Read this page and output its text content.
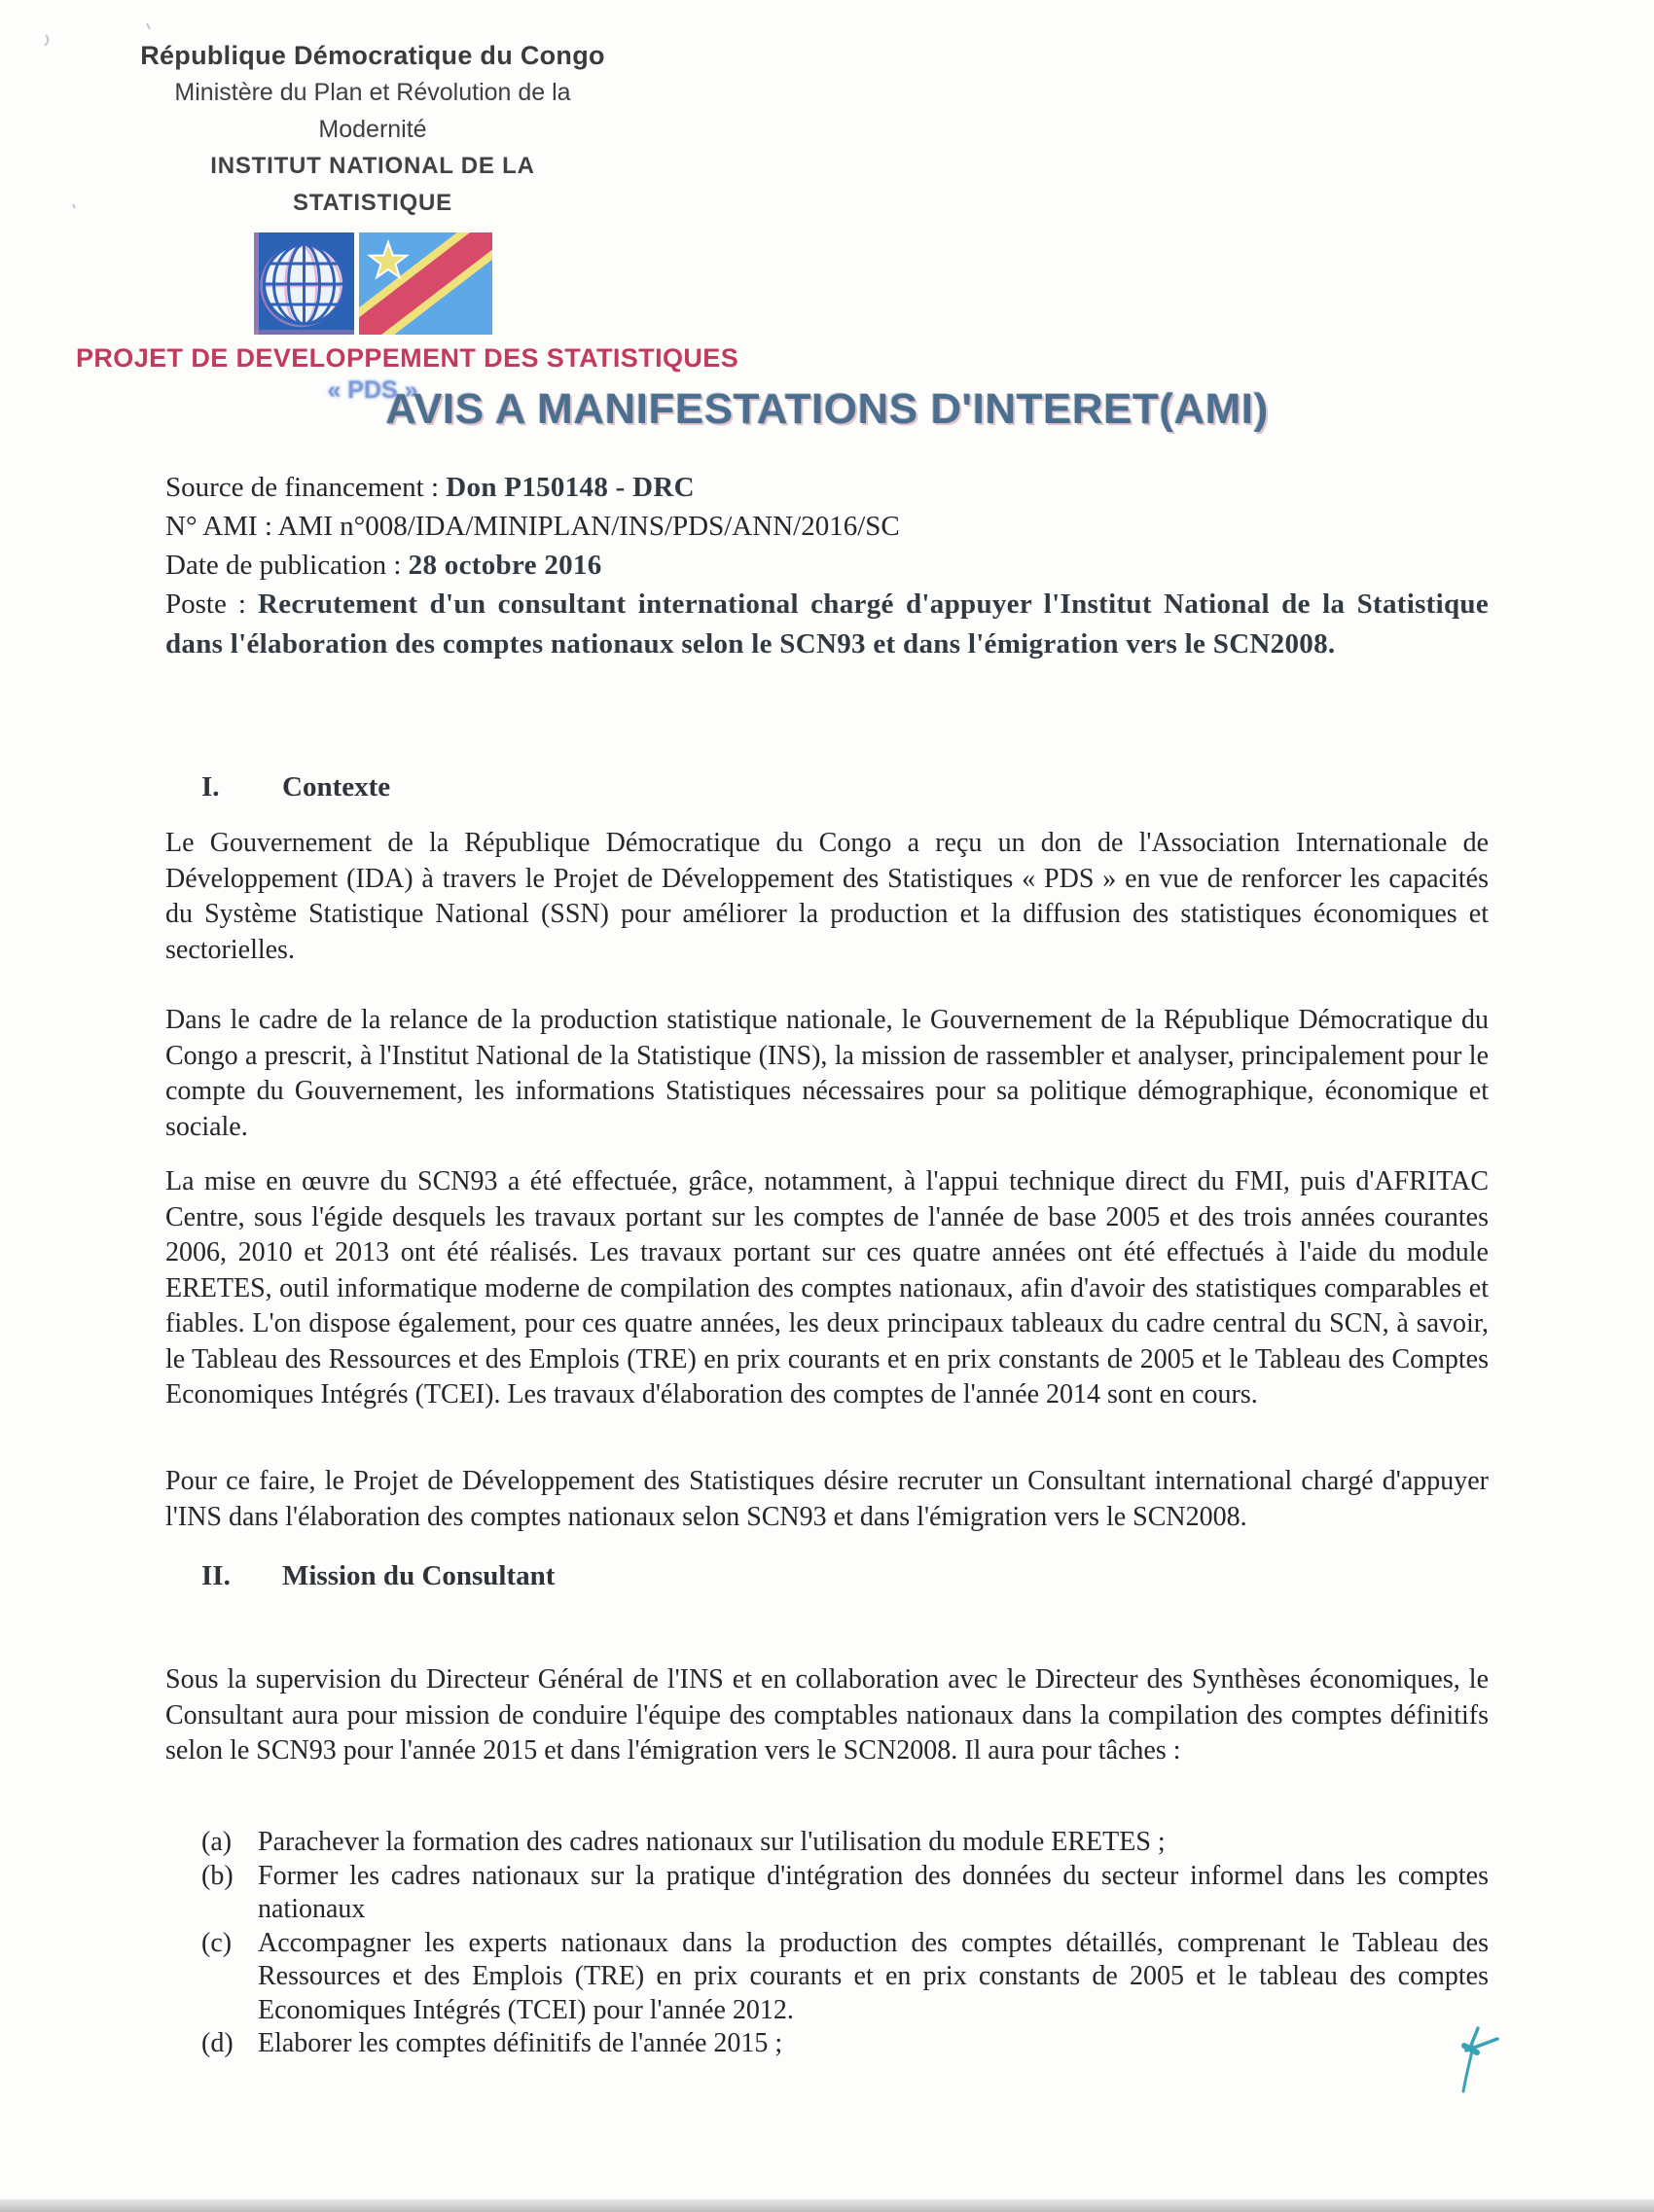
République Démocratique du Congo
Ministère du Plan et Révolution de la Modernité
INSTITUT NATIONAL DE LA STATISTIQUE
PROJET DE DEVELOPPEMENT DES STATISTIQUES
« PDS »
AVIS A MANIFESTATIONS D'INTERET(AMI)
Source de financement : Don P150148 - DRC
N° AMI : AMI n°008/IDA/MINIPLAN/INS/PDS/ANN/2016/SC
Date de publication : 28 octobre 2016

Poste : Recrutement d'un consultant international chargé d'appuyer l'Institut National de la Statistique dans l'élaboration des comptes nationaux selon le SCN93 et dans l'émigration vers le SCN2008.

I. Contexte

Le Gouvernement de la République Démocratique du Congo a reçu un don de l'Association Internationale de Développement (IDA) à travers le Projet de Développement des Statistiques « PDS » en vue de renforcer les capacités du Système Statistique National (SSN) pour améliorer la production et la diffusion des statistiques économiques et sectorielles.

Dans le cadre de la relance de la production statistique nationale, le Gouvernement de la République Démocratique du Congo a prescrit, à l'Institut National de la Statistique (INS), la mission de rassembler et analyser, principalement pour le compte du Gouvernement, les informations Statistiques nécessaires pour sa politique démographique, économique et sociale.

La mise en œuvre du SCN93 a été effectuée, grâce, notamment, à l'appui technique direct du FMI, puis d'AFRITAC Centre, sous l'égide desquels les travaux portant sur les comptes de l'année de base 2005 et des trois années courantes 2006, 2010 et 2013 ont été réalisés. Les travaux portant sur ces quatre années ont été effectués à l'aide du module ERETES, outil informatique moderne de compilation des comptes nationaux, afin d'avoir des statistiques comparables et fiables. L'on dispose également, pour ces quatre années, les deux principaux tableaux du cadre central du SCN, à savoir, le Tableau des Ressources et des Emplois (TRE) en prix courants et en prix constants de 2005 et le Tableau des Comptes Economiques Intégrés (TCEI). Les travaux d'élaboration des comptes de l'année 2014 sont en cours.

Pour ce faire, le Projet de Développement des Statistiques désire recruter un Consultant international chargé d'appuyer l'INS dans l'élaboration des comptes nationaux selon SCN93 et dans l'émigration vers le SCN2008.

II. Mission du Consultant

Sous la supervision du Directeur Général de l'INS et en collaboration avec le Directeur des Synthèses économiques, le Consultant aura pour mission de conduire l'équipe des comptables nationaux dans la compilation des comptes définitifs selon le SCN93 pour l'année 2015 et dans l'émigration vers le SCN2008. Il aura pour tâches :

(a) Parachever la formation des cadres nationaux sur l'utilisation du module ERETES ;

(b) Former les cadres nationaux sur la pratique d'intégration des données du secteur informel dans les comptes nationaux

(c) Accompagner les experts nationaux dans la production des comptes détaillés, comprenant le Tableau des Ressources et des Emplois (TRE) en prix courants et en prix constants de 2005 et le tableau des comptes Economiques Intégrés (TCEI) pour l'année 2012.

(d) Elaborer les comptes définitifs de l'année 2015 ;
